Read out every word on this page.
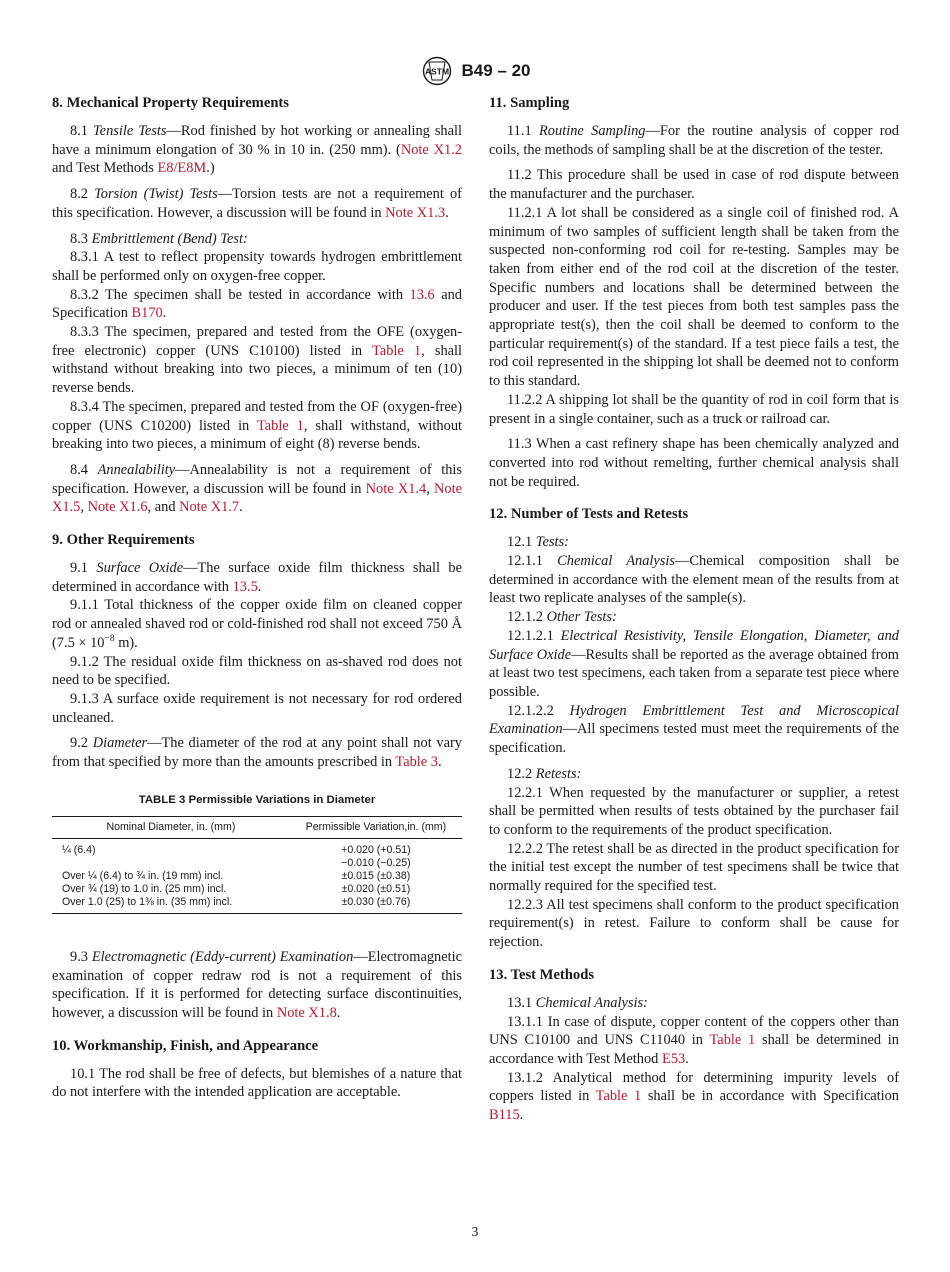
ASTM B49 – 20
8. Mechanical Property Requirements

8.1 Tensile Tests—Rod finished by hot working or annealing shall have a minimum elongation of 30 % in 10 in. (250 mm). (Note X1.2 and Test Methods E8/E8M.)

8.2 Torsion (Twist) Tests—Torsion tests are not a requirement of this specification. However, a discussion will be found in Note X1.3.

8.3 Embrittlement (Bend) Test:

8.3.1 A test to reflect propensity towards hydrogen embrittlement shall be performed only on oxygen-free copper.

8.3.2 The specimen shall be tested in accordance with 13.6 and Specification B170.

8.3.3 The specimen, prepared and tested from the OFE (oxygen-free electronic) copper (UNS C10100) listed in Table 1, shall withstand without breaking into two pieces, a minimum of ten (10) reverse bends.

8.3.4 The specimen, prepared and tested from the OF (oxygen-free) copper (UNS C10200) listed in Table 1, shall withstand, without breaking into two pieces, a minimum of eight (8) reverse bends.

8.4 Annealability—Annealability is not a requirement of this specification. However, a discussion will be found in Note X1.4, Note X1.5, Note X1.6, and Note X1.7.

9. Other Requirements

9.1 Surface Oxide—The surface oxide film thickness shall be determined in accordance with 13.5.

9.1.1 Total thickness of the copper oxide film on cleaned copper rod or annealed shaved rod or cold-finished rod shall not exceed 750 Å ($7.5 \times 10^{-8}$ m).

9.1.2 The residual oxide film thickness on as-shaved rod does not need to be specified.

9.1.3 A surface oxide requirement is not necessary for rod ordered uncleaned.

9.2 Diameter—The diameter of the rod at any point shall not vary from that specified by more than the amounts prescribed in Table 3.

TABLE 3 Permissible Variations in Diameter
Nominal Diameter, in. (mm)	Permissible Variation,in. (mm)
¼ (6.4)	+0.020 (+0.51)
−0.010 (−0.25)

Over ¼ (6.4) to ¾ in. (19 mm) incl.	±0.015 (±0.38)
Over ¾ (19) to 1.0 in. (25 mm) incl.	±0.020 (±0.51)
Over 1.0 (25) to 1⅜ in. (35 mm) incl.	±0.030 (±0.76)

9.3 Electromagnetic (Eddy-current) Examination—Electromagnetic examination of copper redraw rod is not a requirement of this specification. If it is performed for detecting surface discontinuities, however, a discussion will be found in Note X1.8.

10. Workmanship, Finish, and Appearance

10.1 The rod shall be free of defects, but blemishes of a nature that do not interfere with the intended application are acceptable.

11. Sampling

11.1 Routine Sampling—For the routine analysis of copper rod coils, the methods of sampling shall be at the discretion of the tester.

11.2 This procedure shall be used in case of rod dispute between the manufacturer and the purchaser.

11.2.1 A lot shall be considered as a single coil of finished rod. A minimum of two samples of sufficient length shall be taken from the suspected non-conforming rod coil for re-testing. Samples may be taken from either end of the rod coil at the discretion of the tester. Specific numbers and locations shall be determined between the producer and user. If the test pieces from both test samples pass the appropriate test(s), then the coil shall be deemed to conform to the particular requirement(s) of the standard. If a test piece fails a test, the rod coil represented in the shipping lot shall be deemed not to conform to this standard.

11.2.2 A shipping lot shall be the quantity of rod in coil form that is present in a single container, such as a truck or railroad car.

11.3 When a cast refinery shape has been chemically analyzed and converted into rod without remelting, further chemical analysis shall not be required.

12. Number of Tests and Retests

12.1 Tests:

12.1.1 Chemical Analysis—Chemical composition shall be determined in accordance with the element mean of the results from at least two replicate analyses of the sample(s).

12.1.2 Other Tests:

12.1.2.1 Electrical Resistivity, Tensile Elongation, Diameter, and Surface Oxide—Results shall be reported as the average obtained from at least two test specimens, each taken from a separate test piece where possible.

12.1.2.2 Hydrogen Embrittlement Test and Microscopical Examination—All specimens tested must meet the requirements of the specification.

12.2 Retests:

12.2.1 When requested by the manufacturer or supplier, a retest shall be permitted when results of tests obtained by the purchaser fail to conform to the requirements of the product specification.

12.2.2 The retest shall be as directed in the product specification for the initial test except the number of test specimens shall be twice that normally required for the specified test.

12.2.3 All test specimens shall conform to the product specification requirement(s) in retest. Failure to conform shall be cause for rejection.

13. Test Methods

13.1 Chemical Analysis:

13.1.1 In case of dispute, copper content of the coppers other than UNS C10100 and UNS C11040 in Table 1 shall be determined in accordance with Test Method E53.

13.1.2 Analytical method for determining impurity levels of coppers listed in Table 1 shall be in accordance with Specification B115.

3
